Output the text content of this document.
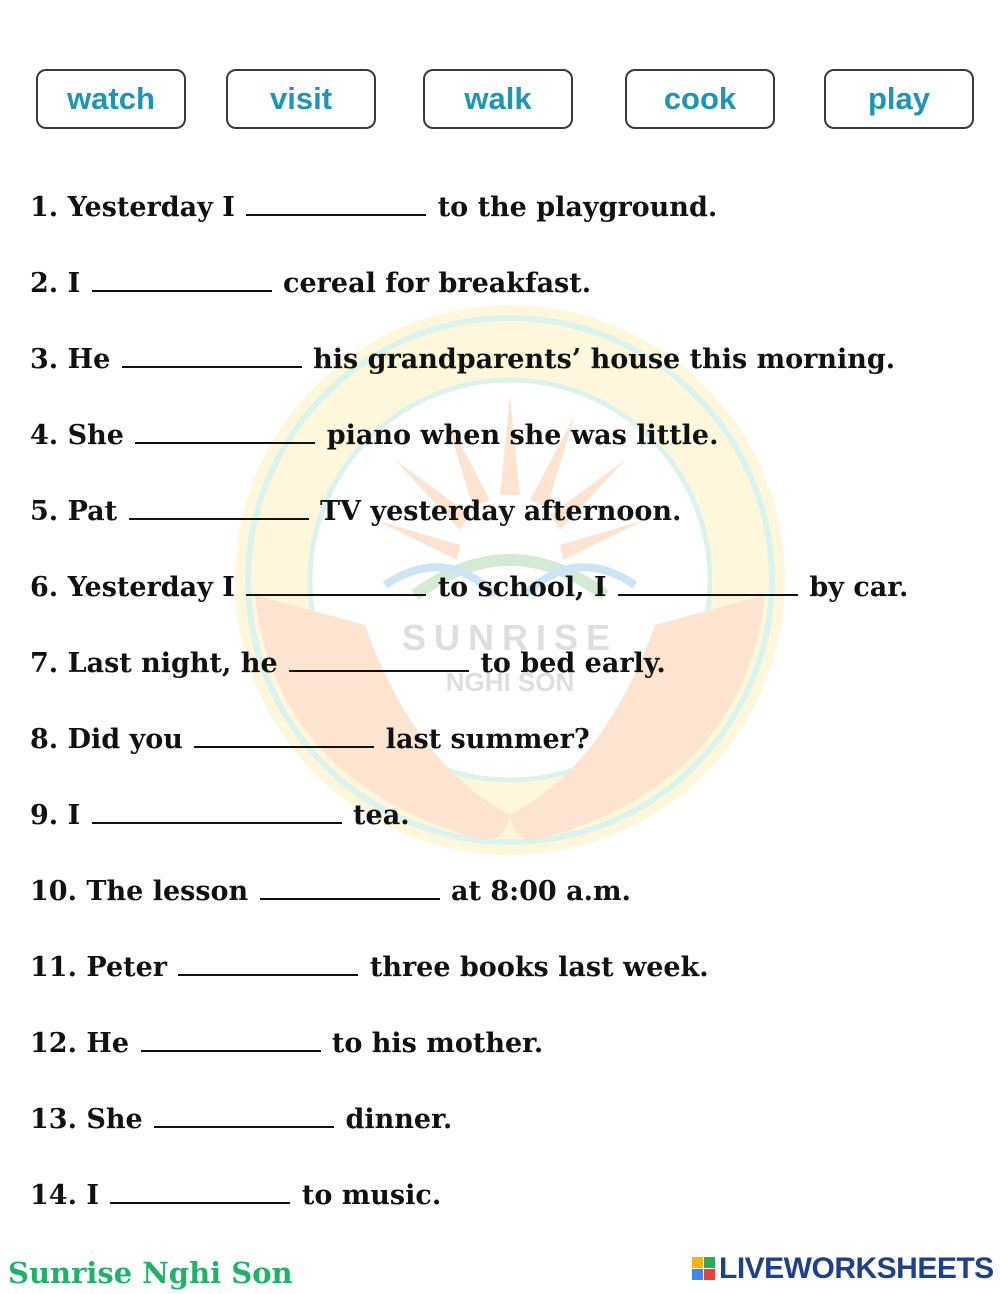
watch	visit	walk	cook	play
SUNRISE
NGHI SON
1. Yesterday I	to the playground.
2. I	cereal for breakfast.
3. He	his grandparents’ house this morning.
4. She	piano when she was little.
5. Pat	TV yesterday afternoon.
6. Yesterday I	to school, I	by car.
7. Last night, he	to bed early.
8. Did you	last summer?
9. I	tea.
10. The lesson	at 8:00 a.m.
11. Peter	three books last week.
12. He	to his mother.
13. She	dinner.
14. I	to music.
Sunrise Nghi Son	LIVEWORKSHEETS
